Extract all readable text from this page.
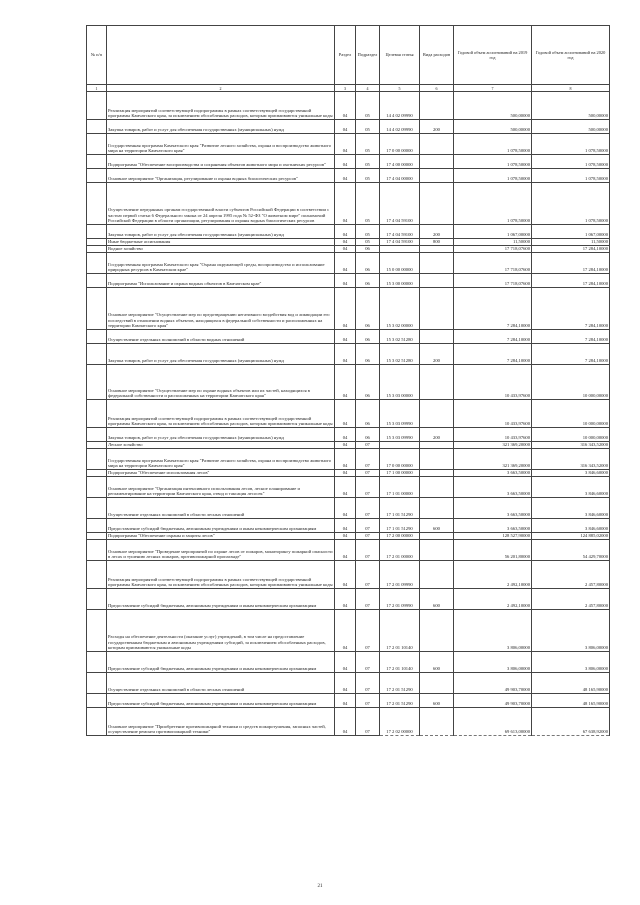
№ п/п		Раздел	Подраздел	Целевая статья	Вида расходов	Годовой объем ассигнований на 2019 год	Годовой объем ассигнований на 2020 год
1	2	3	4	5	6	7	8
	Реализация мероприятий соответствующей подпрограммы в рамках соответствующей государственной программы Камчатского края, за исключением обособленных расходов, которым присваиваются уникальные коды	04	05	14 4 02 09990		500,00000	500,00000
	Закупка товаров, работ и услуг для обеспечения государственных (муниципальных) нужд	04	05	14 4 02 09990	200	500,00000	500,00000
	Государственная программа Камчатского края "Развитие лесного хозяйства, охрана и воспроизводство животного мира на территории Камчатского края"	04	05	17 0 00 00000		1 078,50000	1 078,50000
	Подпрограмма "Обеспечение воспроизводства и сохранения объектов животного мира и охотничьих ресурсов"	04	05	17 4 00 00000		1 078,50000	1 078,50000
	Основное мероприятие "Организация, регулирование и охрана водных биологических ресурсов"	04	05	17 4 04 00000		1 078,50000	1 078,50000
	Осуществление переданных органам государственной власти субъектов Российской Федерации в соответствии с частью первой статьи 6 Федерального закона от 24 апреля 1995 года № 52-ФЗ "О животном мире" полномочий Российской Федерации в области организации, регулирования и охраны водных биологических ресурсов	04	05	17 4 04 59100		1 078,50000	1 078,50000
	Закупка товаров, работ и услуг для обеспечения государственных (муниципальных) нужд	04	05	17 4 04 59100	200	1 067,00000	1 067,00000
	Иные бюджетные ассигнования	04	05	17 4 04 59100	800	11,50000	11,50000
	Водное хозяйство	04	06			17 718,07600	17 284,10000
	Государственная программа Камчатского края "Охрана окружающей среды, воспроизводство и использование природных ресурсов в Камчатском крае"	04	06	15 0 00 00000		17 718,07600	17 284,10000
	Подпрограмма "Использование и охрана водных объектов в Камчатском крае"	04	06	15 3 00 00000		17 718,07600	17 284,10000
	Основное мероприятие "Осуществление мер по предотвращению негативного воздействия вод и ликвидации его последствий в отношении водных объектов, находящихся в федеральной собственности и расположенных на территории Камчатского края"	04	06	15 3 02 00000		7 284,10000	7 284,10000
	Осуществление отдельных полномочий в области водных отношений	04	06	15 3 02 51280		7 284,10000	7 284,10000
	Закупка товаров, работ и услуг для обеспечения государственных (муниципальных) нужд	04	06	15 3 02 51280	200	7 284,10000	7 284,10000
	Основное мероприятие "Осуществление мер по охране водных объектов или их частей, находящихся в федеральной собственности и расположенных на территории Камчатского края"	04	06	15 3 03 00000		10 433,97600	10 000,00000
	Реализация мероприятий соответствующей подпрограммы в рамках соответствующей государственной программы Камчатского края, за исключением обособленных расходов, которым присваиваются уникальные коды	04	06	15 3 03 09990		10 433,97600	10 000,00000
	Закупка товаров, работ и услуг для обеспечения государственных (муниципальных) нужд	04	06	15 3 03 09990	200	10 433,97600	10 000,00000
	Лесное хозяйство	04	07			321 369,20000	316 343,52000
	Государственная программа Камчатского края "Развитие лесного хозяйства, охрана и воспроизводство животного мира на территории Камчатского края"	04	07	17 0 00 00000		321 369,20000	316 343,52000
	Подпрограмма "Обеспечение использования лесов"	04	07	17 1 00 00000		3 663,50000	3 846,60000
	Основное мероприятие "Организация интенсивного использования лесов, лесное планирование и регламентирование на территории Камчатского края, отвод и таксация лесосек"	04	07	17 1 01 00000		3 663,50000	3 846,60000
	Осуществление отдельных полномочий в области лесных отношений	04	07	17 1 01 51290		3 663,50000	3 846,60000
	Предоставление субсидий бюджетным, автономным учреждениям и иным некоммерческим организациям	04	07	17 1 01 51290	600	3 663,50000	3 846,60000
	Подпрограмма "Обеспечение охраны и защиты лесов"	04	07	17 2 00 00000		128 527,90000	124 885,02000
	Основное мероприятие "Проведение мероприятий по охране лесов от пожаров, мониторингу пожарной опасности в лесах и тушению лесных пожаров, противопожарной пропаганде"	04	07	17 2 01 00000		56 201,80000	54 429,70000
	Реализация мероприятий соответствующей подпрограммы в рамках соответствующей государственной программы Камчатского края, за исключением обособленных расходов, которым присваиваются уникальные коды	04	07	17 2 01 09990		2 492,10000	2 457,80000
	Предоставление субсидий бюджетным, автономным учреждениям и иным некоммерческим организациям	04	07	17 2 01 09990	600	2 492,10000	2 457,80000
	Расходы на обеспечение деятельности (оказание услуг) учреждений, в том числе на предоставление государственным бюджетным и автономным учреждениям субсидий, за исключением обособленных расходов, которым присваиваются уникальные коды	04	07	17 2 01 10140		3 806,00000	3 806,00000
	Предоставление субсидий бюджетным, автономным учреждениям и иным некоммерческим организациям	04	07	17 2 01 10140	600	3 806,00000	3 806,00000
	Осуществление отдельных полномочий в области лесных отношений	04	07	17 2 01 51290		49 903,70000	48 165,90000
	Предоставление субсидий бюджетным, автономным учреждениям и иным некоммерческим организациям	04	07	17 2 01 51290	600	49 903,70000	48 165,90000
	Основное мероприятие "Приобретение противопожарной техники и средств пожаротушения, запасных частей, осуществление ремонта противопожарной техники"	04	07	17 2 02 00000		69 613,00000	67 638,92000
21
